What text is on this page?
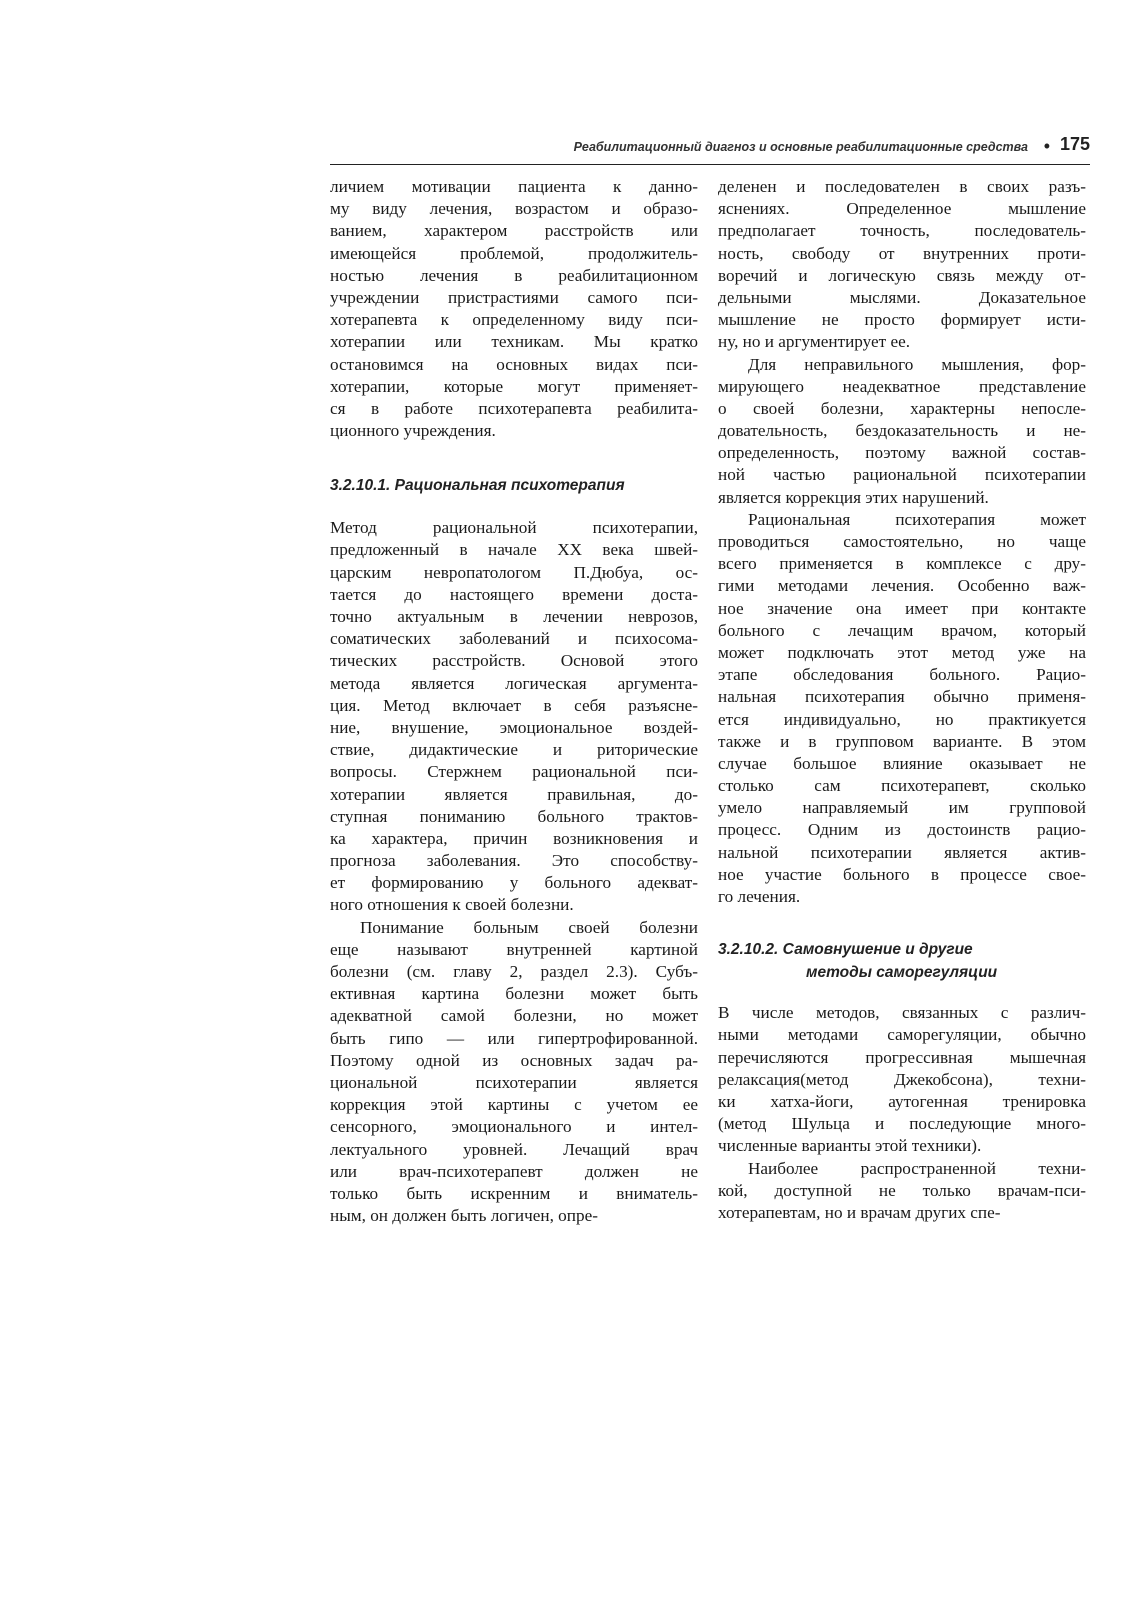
Реабилитационный диагноз и основные реабилитационные средства • 175
личием мотивации пациента к данно-
му виду лечения, возрастом и образо-
ванием, характером расстройств или
имеющейся проблемой, продолжитель-
ностью лечения в реабилитационном
учреждении пристрастиями самого пси-
хотерапевта к определенному виду пси-
хотерапии или техникам. Мы кратко
остановимся на основных видах пси-
хотерапии, которые могут применяет-
ся в работе психотерапевта реабилита-
ционного учреждения.
3.2.10.1. Рациональная психотерапия
Метод рациональной психотерапии,
предложенный в начале XX века швей-
царским невропатологом П.Дюбуа, ос-
тается до настоящего времени доста-
точно актуальным в лечении неврозов,
соматических заболеваний и психосома-
тических расстройств. Основой этого
метода является логическая аргумента-
ция. Метод включает в себя разъясне-
ние, внушение, эмоциональное воздей-
ствие, дидактические и риторические
вопросы. Стержнем рациональной пси-
хотерапии является правильная, до-
ступная пониманию больного трактов-
ка характера, причин возникновения и
прогноза заболевания. Это способству-
ет формированию у больного адекват-
ного отношения к своей болезни.
Понимание больным своей болезни
еще называют внутренней картиной
болезни (см. главу 2, раздел 2.3). Субъ-
ективная картина болезни может быть
адекватной самой болезни, но может
быть гипо — или гипертрофированной.
Поэтому одной из основных задач ра-
циональной психотерапии является
коррекция этой картины с учетом ее
сенсорного, эмоционального и интел-
лектуального уровней. Лечащий врач
или врач-психотерапевт должен не
только быть искренним и вниматель-
ным, он должен быть логичен, опре-
деленен и последователен в своих разъ-
яснениях. Определенное мышление
предполагает точность, последователь-
ность, свободу от внутренних проти-
воречий и логическую связь между от-
дельными мыслями. Доказательное
мышление не просто формирует исти-
ну, но и аргументирует ее.
Для неправильного мышления, фор-
мирующего неадекватное представление
о своей болезни, характерны непосле-
довательность, бездоказательность и не-
определенность, поэтому важной состав-
ной частью рациональной психотерапии
является коррекция этих нарушений.
Рациональная психотерапия может
проводиться самостоятельно, но чаще
всего применяется в комплексе с дру-
гими методами лечения. Особенно важ-
ное значение она имеет при контакте
больного с лечащим врачом, который
может подключать этот метод уже на
этапе обследования больного. Рацио-
нальная психотерапия обычно применя-
ется индивидуально, но практикуется
также и в групповом варианте. В этом
случае большое влияние оказывает не
столько сам психотерапевт, сколько
умело направляемый им групповой
процесс. Одним из достоинств рацио-
нальной психотерапии является актив-
ное участие больного в процессе свое-
го лечения.
3.2.10.2. Самовнушение и другие
методы саморегуляции
В числе методов, связанных с различ-
ными методами саморегуляции, обычно
перечисляются прогрессивная мышечная
релаксация(метод Джекобсона), техни-
ки хатха-йоги, аутогенная тренировка
(метод Шульца и последующие много-
численные варианты этой техники).
Наиболее распространенной техни-
кой, доступной не только врачам-пси-
хотерапевтам, но и врачам других спе-
